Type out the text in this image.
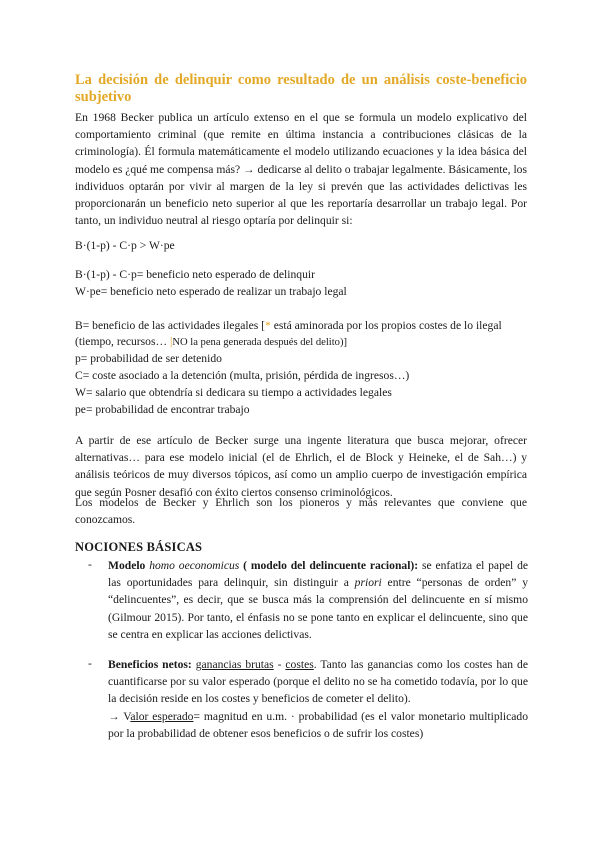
La decisión de delinquir como resultado de un análisis coste-beneficio subjetivo
En 1968 Becker publica un artículo extenso en el que se formula un modelo explicativo del comportamiento criminal (que remite en última instancia a contribuciones clásicas de la criminología). Él formula matemáticamente el modelo utilizando ecuaciones y la idea básica del modelo es ¿qué me compensa más? → dedicarse al delito o trabajar legalmente. Básicamente, los individuos optarán por vivir al margen de la ley si prevén que las actividades delictivas les proporcionarán un beneficio neto superior al que les reportaría desarrollar un trabajo legal. Por tanto, un individuo neutral al riesgo optaría por delinquir si:
B·(1-p) - C·p > W·pe
B·(1-p) - C·p= beneficio neto esperado de delinquir
W·pe= beneficio neto esperado de realizar un trabajo legal
B= beneficio de las actividades ilegales [* está aminorada por los propios costes de lo ilegal
(tiempo, recursos… |NO la pena generada después del delito)]
p= probabilidad de ser detenido
C= coste asociado a la detención (multa, prisión, pérdida de ingresos…)
W= salario que obtendría si dedicara su tiempo a actividades legales
pe= probabilidad de encontrar trabajo
A partir de ese artículo de Becker surge una ingente literatura que busca mejorar, ofrecer alternativas… para ese modelo inicial (el de Ehrlich, el de Block y Heineke, el de Sah…) y análisis teóricos de muy diversos tópicos, así como un amplio cuerpo de investigación empírica que según Posner desafió con éxito ciertos consenso criminológicos.
Los modelos de Becker y Ehrlich son los pioneros y más relevantes que conviene que conozcamos.
NOCIONES BÁSICAS
- Modelo homo oeconomicus ( modelo del delincuente racional): se enfatiza el papel de las oportunidades para delinquir, sin distinguir a priori entre “personas de orden” y “delincuentes”, es decir, que se busca más la comprensión del delincuente en sí mismo (Gilmour 2015). Por tanto, el énfasis no se pone tanto en explicar el delincuente, sino que se centra en explicar las acciones delictivas.
- Beneficios netos: ganancias brutas - costes. Tanto las ganancias como los costes han de cuantificarse por su valor esperado (porque el delito no se ha cometido todavía, por lo que la decisión reside en los costes y beneficios de cometer el delito).
→ Valor esperado= magnitud en u.m. · probabilidad (es el valor monetario multiplicado por la probabilidad de obtener esos beneficios o de sufrir los costes)
